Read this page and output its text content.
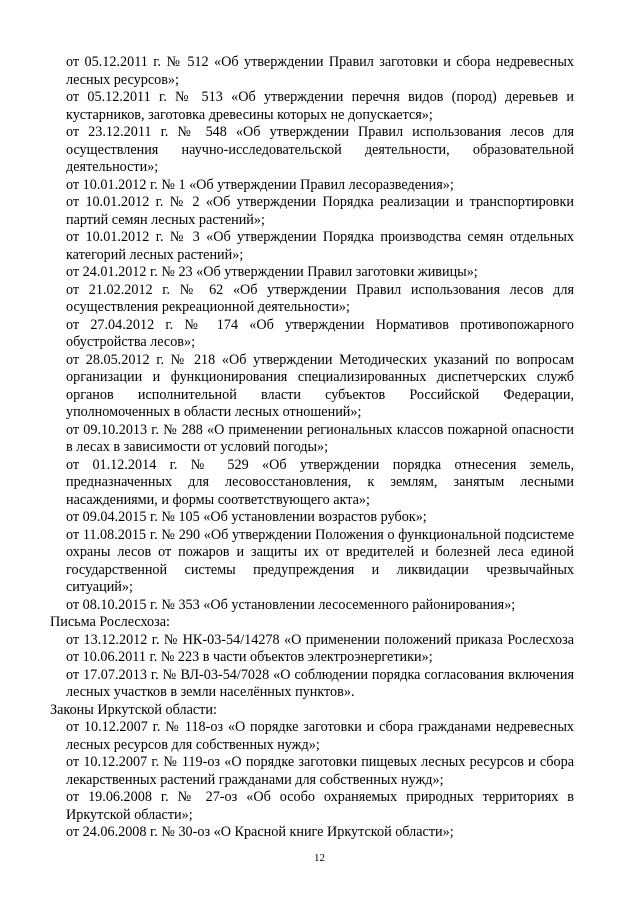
от 05.12.2011 г. № 512 «Об утверждении Правил заготовки и сбора недревесных лесных ресурсов»;

от 05.12.2011 г. № 513 «Об утверждении перечня видов (пород) деревьев и кустарников, заготовка древесины которых не допускается»;

от 23.12.2011 г. № 548 «Об утверждении Правил использования лесов для осуществления научно-исследовательской деятельности, образовательной деятельности»;

от 10.01.2012 г. № 1 «Об утверждении Правил лесоразведения»;

от 10.01.2012 г. № 2 «Об утверждении Порядка реализации и транспортировки партий семян лесных растений»;

от 10.01.2012 г. № 3 «Об утверждении Порядка производства семян отдельных категорий лесных растений»;

от 24.01.2012 г. № 23 «Об утверждении Правил заготовки живицы»;

от 21.02.2012 г. № 62 «Об утверждении Правил использования лесов для осуществления рекреационной деятельности»;

от 27.04.2012 г. № 174 «Об утверждении Нормативов противопожарного обустройства лесов»;

от 28.05.2012 г. № 218 «Об утверждении Методических указаний по вопросам организации и функционирования специализированных диспетчерских служб органов исполнительной власти субъектов Российской Федерации, уполномоченных в области лесных отношений»;

от 09.10.2013 г. № 288 «О применении региональных классов пожарной опасности в лесах в зависимости от условий погоды»;

от 01.12.2014 г. № 529 «Об утверждении порядка отнесения земель, предназначенных для лесовосстановления, к землям, занятым лесными насаждениями, и формы соответствующего акта»;

от 09.04.2015 г. № 105 «Об установлении возрастов рубок»;

от 11.08.2015 г. № 290 «Об утверждении Положения о функциональной подсистеме охраны лесов от пожаров и защиты их от вредителей и болезней леса единой государственной системы предупреждения и ликвидации чрезвычайных ситуаций»;

от 08.10.2015 г. № 353 «Об установлении лесосеменного районирования»;

Письма Рослесхоза:

от 13.12.2012 г. № НК-03-54/14278 «О применении положений приказа Рослесхоза от 10.06.2011 г. № 223 в части объектов электроэнергетики»;

от 17.07.2013 г. № ВЛ-03-54/7028 «О соблюдении порядка согласования включения лесных участков в земли населённых пунктов».

Законы Иркутской области:

от 10.12.2007 г. № 118-оз «О порядке заготовки и сбора гражданами недревесных лесных ресурсов для собственных нужд»;

от 10.12.2007 г. № 119-оз «О порядке заготовки пищевых лесных ресурсов и сбора лекарственных растений гражданами для собственных нужд»;

от 19.06.2008 г. № 27-оз «Об особо охраняемых природных территориях в Иркутской области»;

от 24.06.2008 г. № 30-оз «О Красной книге Иркутской области»;

12
